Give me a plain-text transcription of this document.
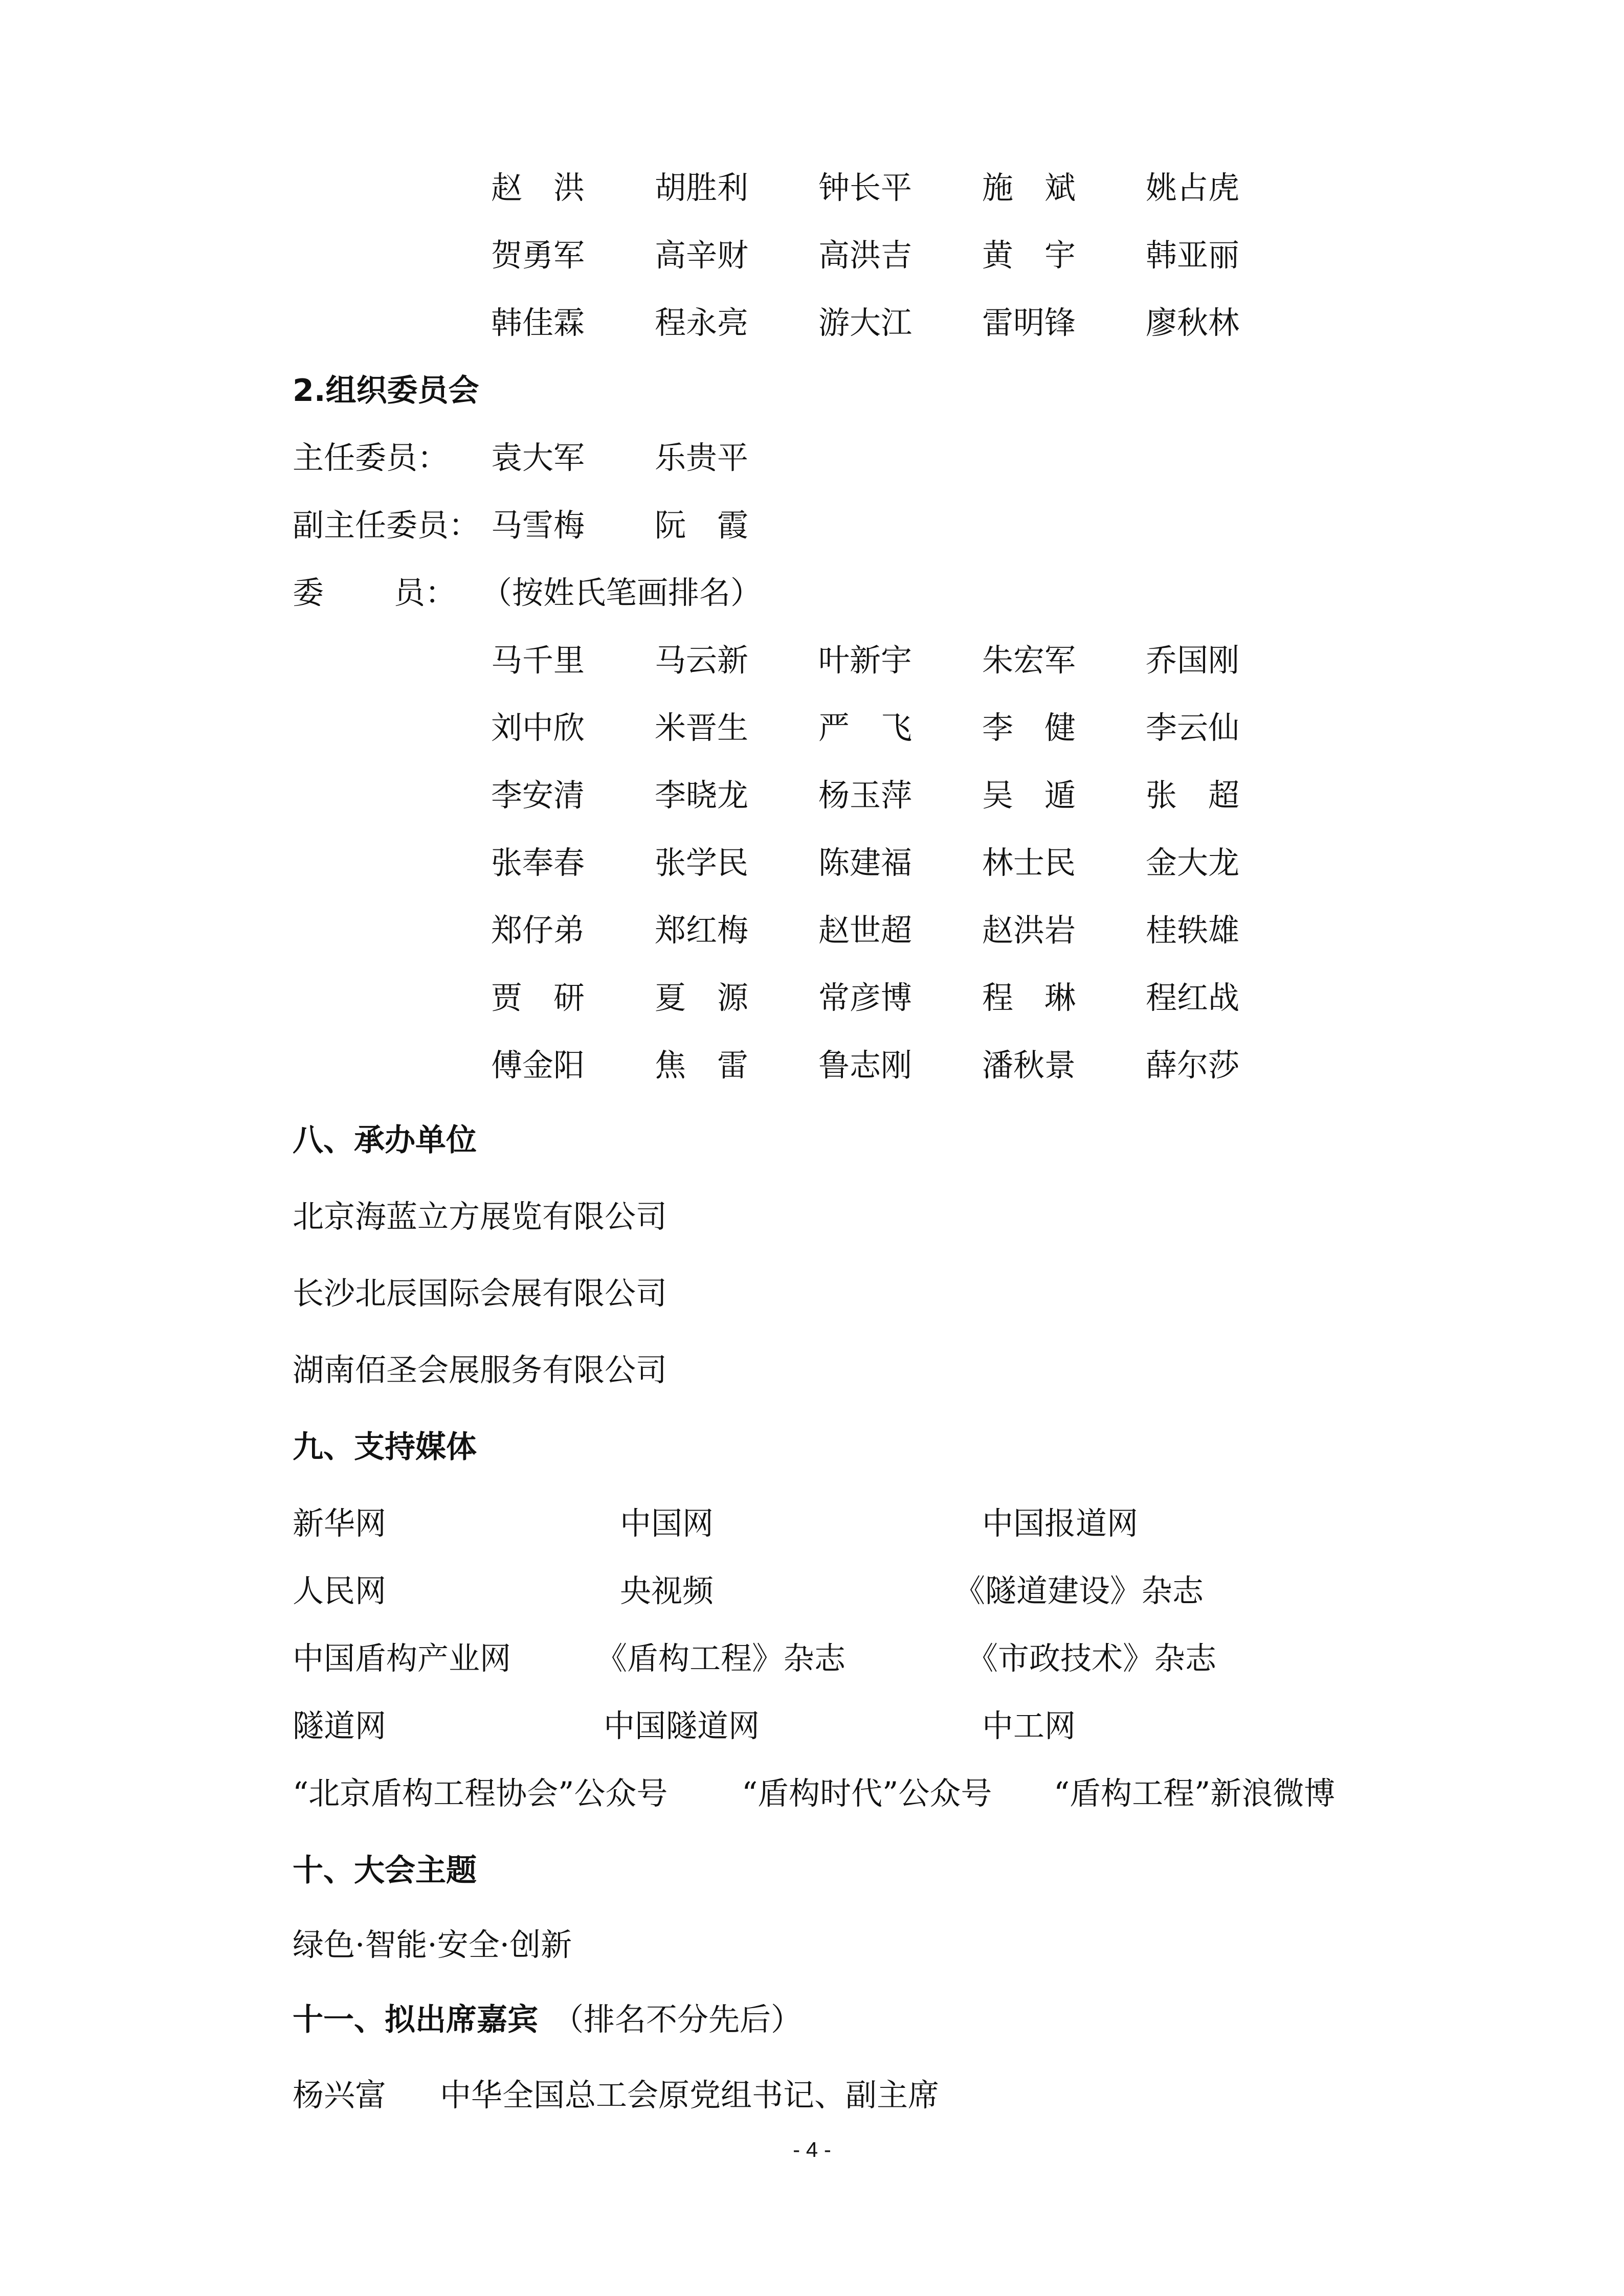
赵　洪 胡胜利 钟长平 施　斌 姚占虎
贺勇军 高辛财 高洪吉 黄　宇 韩亚丽
韩佳霖 程永亮 游大江 雷明锋 廖秋林
2.组织委员会
主任委员： 袁大军 乐贵平
副主任委员： 马雪梅 阮　霞
委 员： （按姓氏笔画排名）
马千里 马云新 叶新宇 朱宏军 乔国刚
刘中欣 米晋生 严　飞 李　健 李云仙
李安清 李晓龙 杨玉萍 吴　遁 张　超
张奉春 张学民 陈建福 林士民 金大龙
郑仔弟 郑红梅 赵世超 赵洪岩 桂轶雄
贾　研 夏　源 常彦博 程　琳 程红战
傅金阳 焦　雷 鲁志刚 潘秋景 薛尔莎
八、承办单位
北京海蓝立方展览有限公司
长沙北辰国际会展有限公司
湖南佰圣会展服务有限公司
九、支持媒体
新华网	中国网	中国报道网
人民网	央视频	《隧道建设》杂志
中国盾构产业网	《盾构工程》杂志	《市政技术》杂志
隧道网	中国隧道网	中工网
“北京盾构工程协会”公众号 “盾构时代”公众号 “盾构工程”新浪微博
十、大会主题
绿色·智能·安全·创新
十一、拟出席嘉宾 （排名不分先后）
杨兴富 中华全国总工会原党组书记、副主席
- 4 -
